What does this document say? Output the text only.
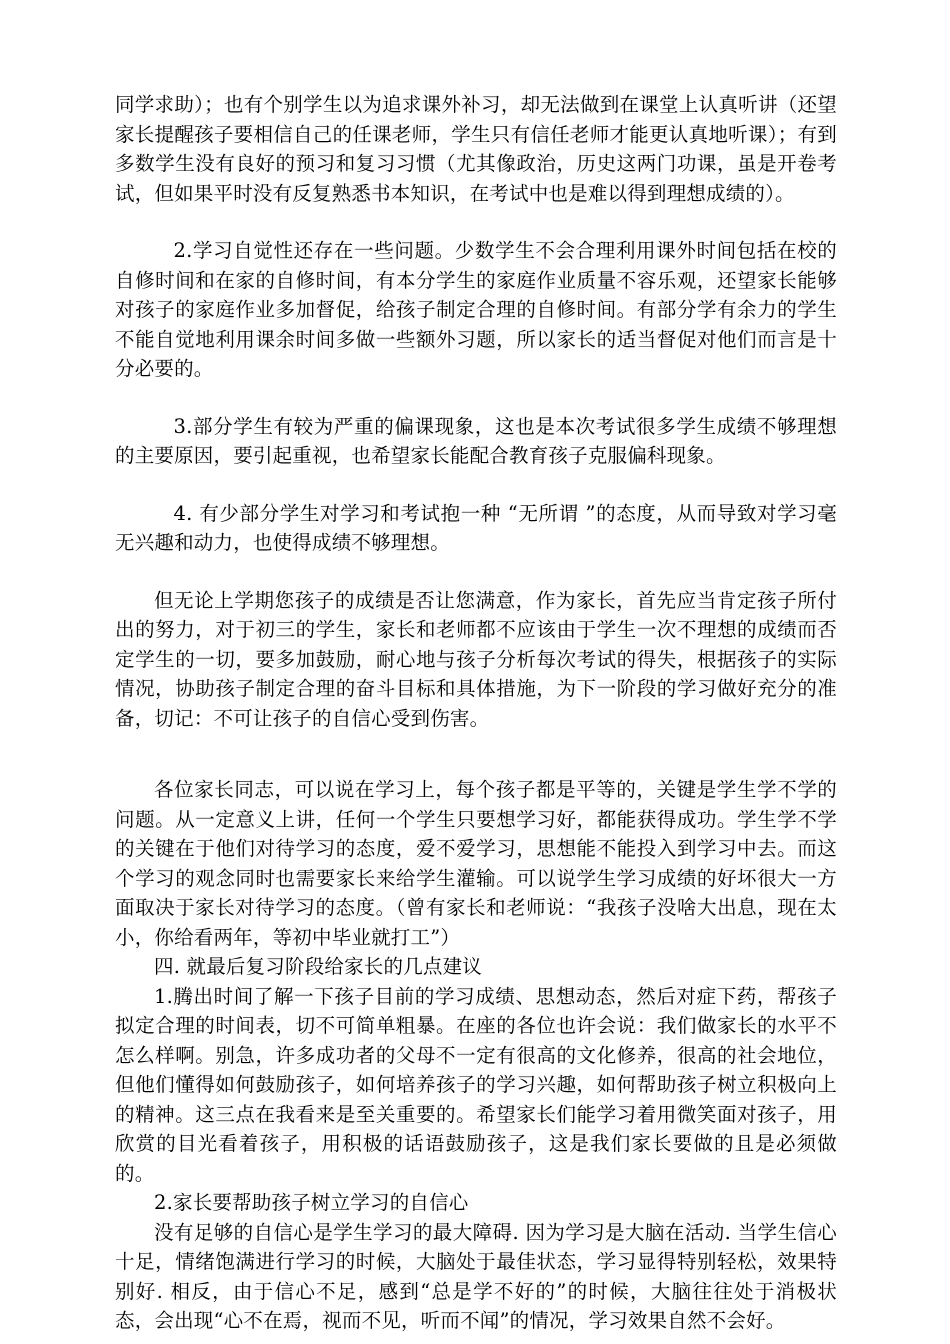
同学求助）；也有个别学生以为追求课外补习，却无法做到在课堂上认真听讲（还望家长提醒孩子要相信自己的任课老师，学生只有信任老师才能更认真地听课）；有到多数学生没有良好的预习和复习习惯（尤其像政治，历史这两门功课，虽是开卷考试，但如果平时没有反复熟悉书本知识，在考试中也是难以得到理想成绩的）。

2.学习自觉性还存在一些问题。少数学生不会合理利用课外时间包括在校的自修时间和在家的自修时间，有本分学生的家庭作业质量不容乐观，还望家长能够对孩子的家庭作业多加督促，给孩子制定合理的自修时间。有部分学有余力的学生不能自觉地利用课余时间多做一些额外习题，所以家长的适当督促对他们而言是十分必要的。

3.部分学生有较为严重的偏课现象，这也是本次考试很多学生成绩不够理想的主要原因，要引起重视，也希望家长能配合教育孩子克服偏科现象。

4. 有少部分学生对学习和考试抱一种 “无所谓 ”的态度，从而导致对学习毫无兴趣和动力，也使得成绩不够理想。

但无论上学期您孩子的成绩是否让您满意，作为家长，首先应当肯定孩子所付出的努力，对于初三的学生，家长和老师都不应该由于学生一次不理想的成绩而否定学生的一切，要多加鼓励，耐心地与孩子分析每次考试的得失，根据孩子的实际情况，协助孩子制定合理的奋斗目标和具体措施，为下一阶段的学习做好充分的准备，切记：不可让孩子的自信心受到伤害。

各位家长同志，可以说在学习上，每个孩子都是平等的，关键是学生学不学的问题。从一定意义上讲，任何一个学生只要想学习好，都能获得成功。学生学不学的关键在于他们对待学习的态度，爱不爱学习，思想能不能投入到学习中去。而这个学习的观念同时也需要家长来给学生灌输。可以说学生学习成绩的好坏很大一方面取决于家长对待学习的态度。（曾有家长和老师说：“我孩子没啥大出息，现在太小，你给看两年，等初中毕业就打工”）

四. 就最后复习阶段给家长的几点建议

1.腾出时间了解一下孩子目前的学习成绩、思想动态，然后对症下药，帮孩子拟定合理的时间表，切不可简单粗暴。在座的各位也许会说：我们做家长的水平不怎么样啊。别急，许多成功者的父母不一定有很高的文化修养，很高的社会地位，但他们懂得如何鼓励孩子，如何培养孩子的学习兴趣，如何帮助孩子树立积极向上的精神。这三点在我看来是至关重要的。希望家长们能学习着用微笑面对孩子，用欣赏的目光看着孩子，用积极的话语鼓励孩子，这是我们家长要做的且是必须做的。

2.家长要帮助孩子树立学习的自信心

没有足够的自信心是学生学习的最大障碍. 因为学习是大脑在活动. 当学生信心十足，情绪饱满进行学习的时候，大脑处于最佳状态，学习显得特别轻松，效果特别好. 相反，由于信心不足，感到“总是学不好的”的时候，大脑往往处于消极状态，会出现“心不在焉，视而不见，听而不闻”的情况，学习效果自然不会好。
